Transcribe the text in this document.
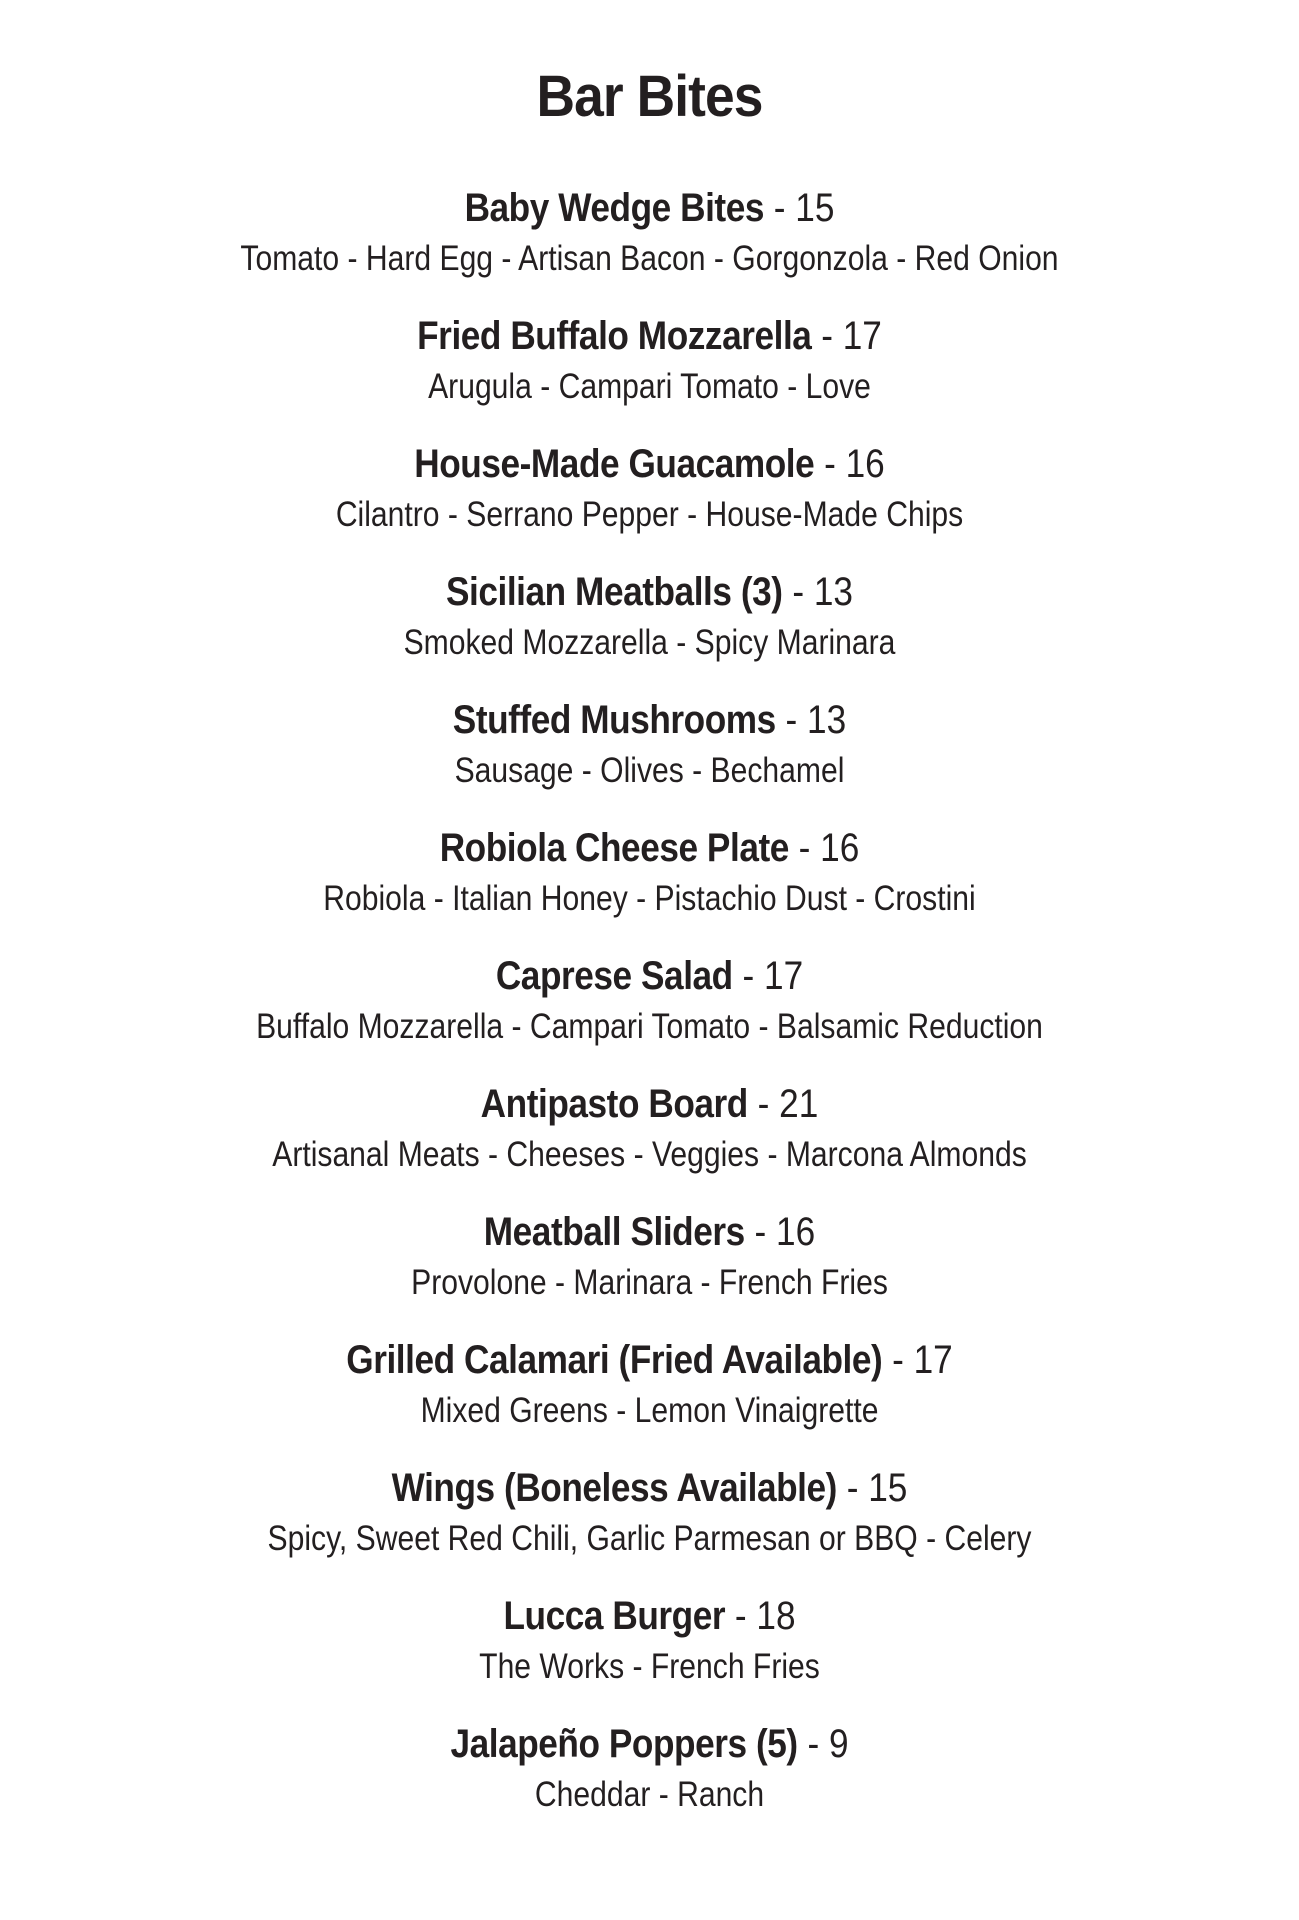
Bar Bites
Baby Wedge Bites - 15
Tomato - Hard Egg - Artisan Bacon - Gorgonzola - Red Onion
Fried Buffalo Mozzarella - 17
Arugula - Campari Tomato - Love
House-Made Guacamole - 16
Cilantro - Serrano Pepper - House-Made Chips
Sicilian Meatballs (3) - 13
Smoked Mozzarella - Spicy Marinara
Stuffed Mushrooms - 13
Sausage - Olives - Bechamel
Robiola Cheese Plate - 16
Robiola - Italian Honey - Pistachio Dust - Crostini
Caprese Salad - 17
Buffalo Mozzarella - Campari Tomato - Balsamic Reduction
Antipasto Board - 21
Artisanal Meats - Cheeses - Veggies - Marcona Almonds
Meatball Sliders - 16
Provolone - Marinara - French Fries
Grilled Calamari (Fried Available) - 17
Mixed Greens - Lemon Vinaigrette
Wings (Boneless Available) - 15
Spicy, Sweet Red Chili, Garlic Parmesan or BBQ - Celery
Lucca Burger - 18
The Works - French Fries
Jalapeño Poppers (5) - 9
Cheddar - Ranch
